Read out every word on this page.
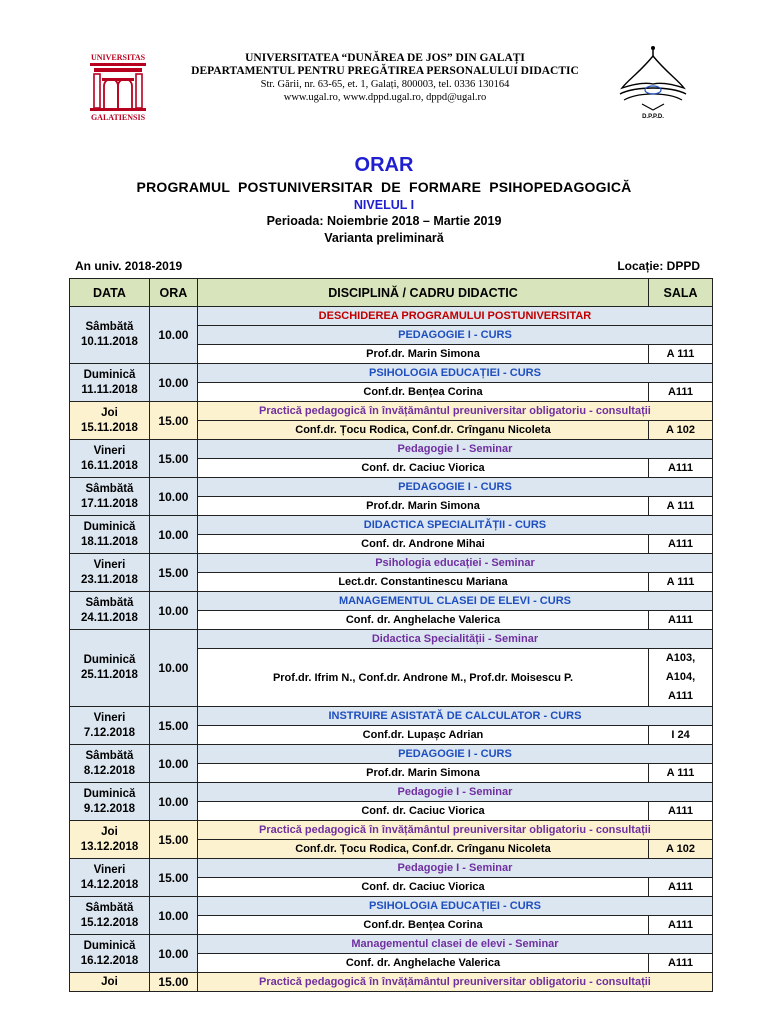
UNIVERSITAS
GALATIENSIS
UNIVERSITATEA “DUNĂREA DE JOS” DIN GALAȚI
DEPARTAMENTUL PENTRU PREGĂTIREA PERSONALULUI DIDACTIC
Str. Gării, nr. 63-65, et. 1, Galați, 800003, tel. 0336 130164
www.ugal.ro, www.dppd.ugal.ro, dppd@ugal.ro
D.P.P.D.
ORAR
PROGRAMUL POSTUNIVERSITAR DE FORMARE PSIHOPEDAGOGICĂ
NIVELUL I
Perioada: Noiembrie 2018 – Martie 2019
Varianta preliminară
An univ. 2018-2019	Locație: DPPD
DATA	ORA	DISCIPLINĂ / CADRU DIDACTIC	SALA

Sâmbătă
10.11.2018	10.00	DESCHIDEREA PROGRAMULUI POSTUNIVERSITAR	
		PEDAGOGIE I - CURS	
		Prof.dr. Marin Simona	A 111

Duminică
11.11.2018	10.00	PSIHOLOGIA EDUCAȚIEI - CURS	
		Conf.dr. Bențea Corina	A111

Joi
15.11.2018	15.00	Practică pedagogică în învățământul preuniversitar obligatoriu - consultații	
		Conf.dr. Țocu Rodica, Conf.dr. Crînganu Nicoleta	A 102

Vineri
16.11.2018	15.00	Pedagogie I - Seminar	
		Conf. dr. Caciuc Viorica	A111

Sâmbătă
17.11.2018	10.00	PEDAGOGIE I - CURS	
		Prof.dr. Marin Simona	A 111

Duminică
18.11.2018	10.00	DIDACTICA SPECIALITĂȚII - CURS	
		Conf. dr. Androne Mihai	A111

Vineri
23.11.2018	15.00	Psihologia educației - Seminar	
		Lect.dr. Constantinescu Mariana	A 111

Sâmbătă
24.11.2018	10.00	MANAGEMENTUL CLASEI DE ELEVI - CURS	
		Conf. dr. Anghelache Valerica	A111

Duminică
25.11.2018	10.00	Didactica Specialității - Seminar	
		Prof.dr. Ifrim N., Conf.dr. Androne M., Prof.dr. Moisescu P.	A103,
A104,
A111

Vineri
7.12.2018	15.00	INSTRUIRE ASISTATĂ DE CALCULATOR - CURS	
		Conf.dr. Lupașc Adrian	I 24

Sâmbătă
8.12.2018	10.00	PEDAGOGIE I - CURS	
		Prof.dr. Marin Simona	A 111

Duminică
9.12.2018	10.00	Pedagogie I - Seminar	
		Conf. dr. Caciuc Viorica	A111

Joi
13.12.2018	15.00	Practică pedagogică în învățământul preuniversitar obligatoriu - consultații	
		Conf.dr. Țocu Rodica, Conf.dr. Crînganu Nicoleta	A 102

Vineri
14.12.2018	15.00	Pedagogie I - Seminar	
		Conf. dr. Caciuc Viorica	A111

Sâmbătă
15.12.2018	10.00	PSIHOLOGIA EDUCAȚIEI - CURS	
		Conf.dr. Bențea Corina	A111

Duminică
16.12.2018	10.00	Managementul clasei de elevi - Seminar	
		Conf. dr. Anghelache Valerica	A111

Joi	15.00	Practică pedagogică în învățământul preuniversitar obligatoriu - consultații	
